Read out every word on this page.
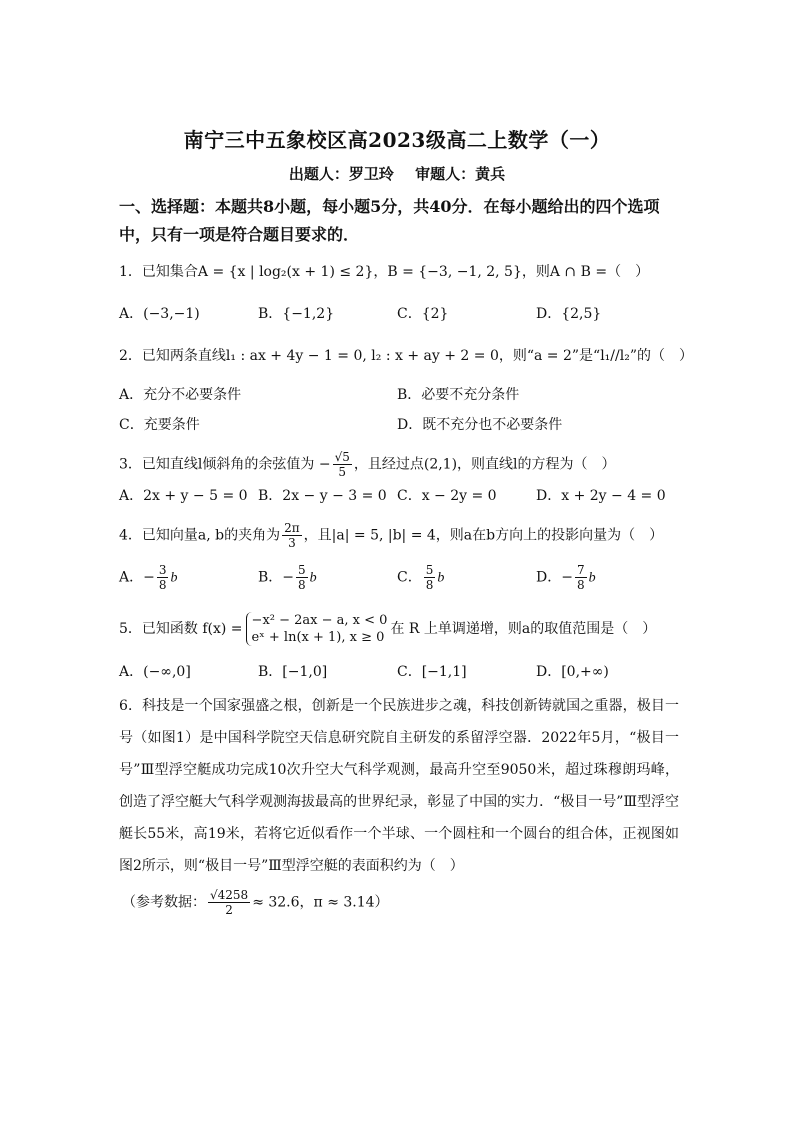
南宁三中五象校区高2023级高二上数学（一）
出题人：罗卫玲 审题人：黄兵
一、选择题：本题共8小题，每小题5分，共40分．在每小题给出的四个选项中，只有一项是符合题目要求的．
1．已知集合A = {x | log₂(x + 1) ≤ 2}，B = {−3, −1, 2, 5}，则A ∩ B =（　）
A．(−3,−1)	B．{−1,2}	C．{2}	D．{2,5}
2．已知两条直线l₁ : ax + 4y − 1 = 0, l₂ : x + ay + 2 = 0，则“a = 2”是“l₁//l₂”的（　）
A．充分不必要条件	B．必要不充分条件
C．充要条件	D．既不充分也不必要条件
3．已知直线l倾斜角的余弦值为 − $\frac{√5}{5}$ ，且经过点(2,1)，则直线l的方程为（　）
A．2x + y − 5 = 0 B．2x − y − 3 = 0 C．x − 2y = 0	D．x + 2y − 4 = 0
4．已知向量a, b的夹角为 $\frac{2\pi}{3}$ ，且|a| = 5, |b| = 4，则a在b方向上的投影向量为（　）
A．− $\frac{3}{8}$ b	B．− $\frac{5}{8}$ b	C． $\frac{5}{8}$ b	D．− $\frac{7}{8}$ b
5．已知函数 f(x) =
−x² − 2ax − a, x < 0
eˣ + ln(x + 1), x ≥ 0
在 R 上单调递增，则a的取值范围是（　）
A．(−∞,0]	B．[−1,0]	C．[−1,1]	D．[0,+∞)
6．科技是一个国家强盛之根，创新是一个民族进步之魂，科技创新铸就国之重器，极目一号（如图1）是中国科学院空天信息研究院自主研发的系留浮空器．2022年5月，“极目一号”Ⅲ型浮空艇成功完成10次升空大气科学观测，最高升空至9050米，超过珠穆朗玛峰，创造了浮空艇大气科学观测海拔最高的世界纪录，彰显了中国的实力．“极目一号”Ⅲ型浮空艇长55米，高19米，若将它近似看作一个半球、一个圆柱和一个圆台的组合体，正视图如图2所示，则“极目一号”Ⅲ型浮空艇的表面积约为（　）
（参考数据： $\frac{√4258}{2} \approx 32.6$，π ≈ 3.14）
